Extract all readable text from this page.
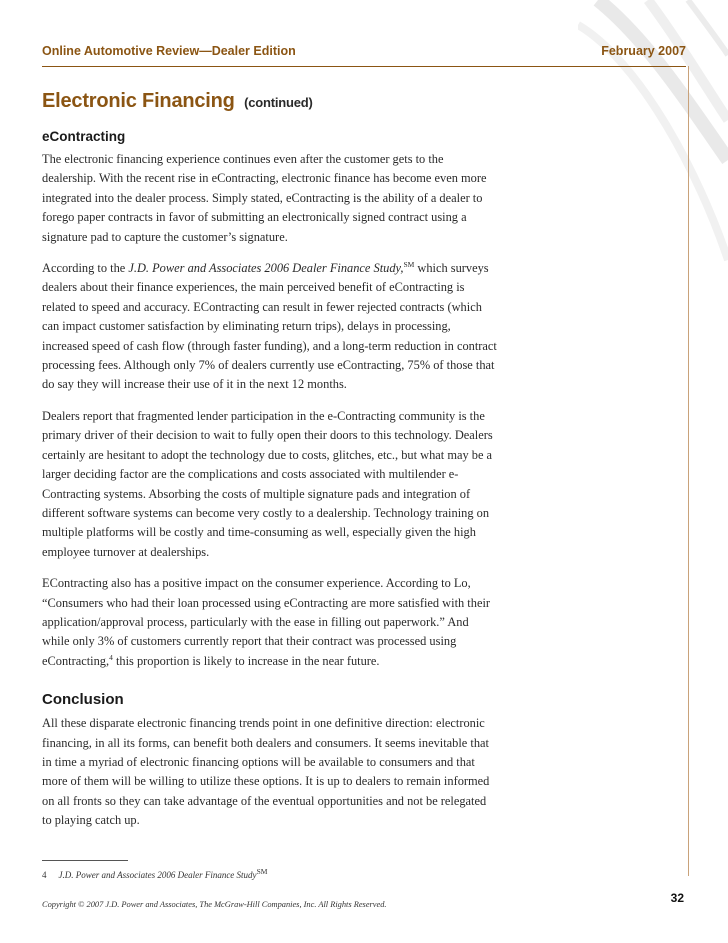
Online Automotive Review—Dealer Edition	February 2007
Electronic Financing (continued)
eContracting

The electronic financing experience continues even after the customer gets to the dealership. With the recent rise in eContracting, electronic finance has become even more integrated into the dealer process. Simply stated, eContracting is the ability of a dealer to forego paper contracts in favor of submitting an electronically signed contract using a signature pad to capture the customer’s signature.

According to the J.D. Power and Associates 2006 Dealer Finance Study,℠ which surveys dealers about their finance experiences, the main perceived benefit of eContracting is related to speed and accuracy. EContracting can result in fewer rejected contracts (which can impact customer satisfaction by eliminating return trips), delays in processing, increased speed of cash flow (through faster funding), and a long-term reduction in contract processing fees. Although only 7% of dealers currently use eContracting, 75% of those that do say they will increase their use of it in the next 12 months.

Dealers report that fragmented lender participation in the e-Contracting community is the primary driver of their decision to wait to fully open their doors to this technology. Dealers certainly are hesitant to adopt the technology due to costs, glitches, etc., but what may be a larger deciding factor are the complications and costs associated with multilender e-Contracting systems. Absorbing the costs of multiple signature pads and integration of different software systems can become very costly to a dealership. Technology training on multiple platforms will be costly and time-consuming as well, especially given the high employee turnover at dealerships.

EContracting also has a positive impact on the consumer experience. According to Lo, “Consumers who had their loan processed using eContracting are more satisfied with their application/approval process, particularly with the ease in filling out paperwork.” And while only 3% of customers currently report that their contract was processed using eContracting,$^4$ this proportion is likely to increase in the near future.

Conclusion

All these disparate electronic financing trends point in one definitive direction: electronic financing, in all its forms, can benefit both dealers and consumers. It seems inevitable that in time a myriad of electronic financing options will be available to consumers and that more of them will be willing to utilize these options. It is up to dealers to remain informed on all fronts so they can take advantage of the eventual opportunities and not be relegated to playing catch up.

4 J.D. Power and Associates 2006 Dealer Finance Study℠
Copyright © 2007 J.D. Power and Associates, The McGraw-Hill Companies, Inc. All Rights Reserved.	32
